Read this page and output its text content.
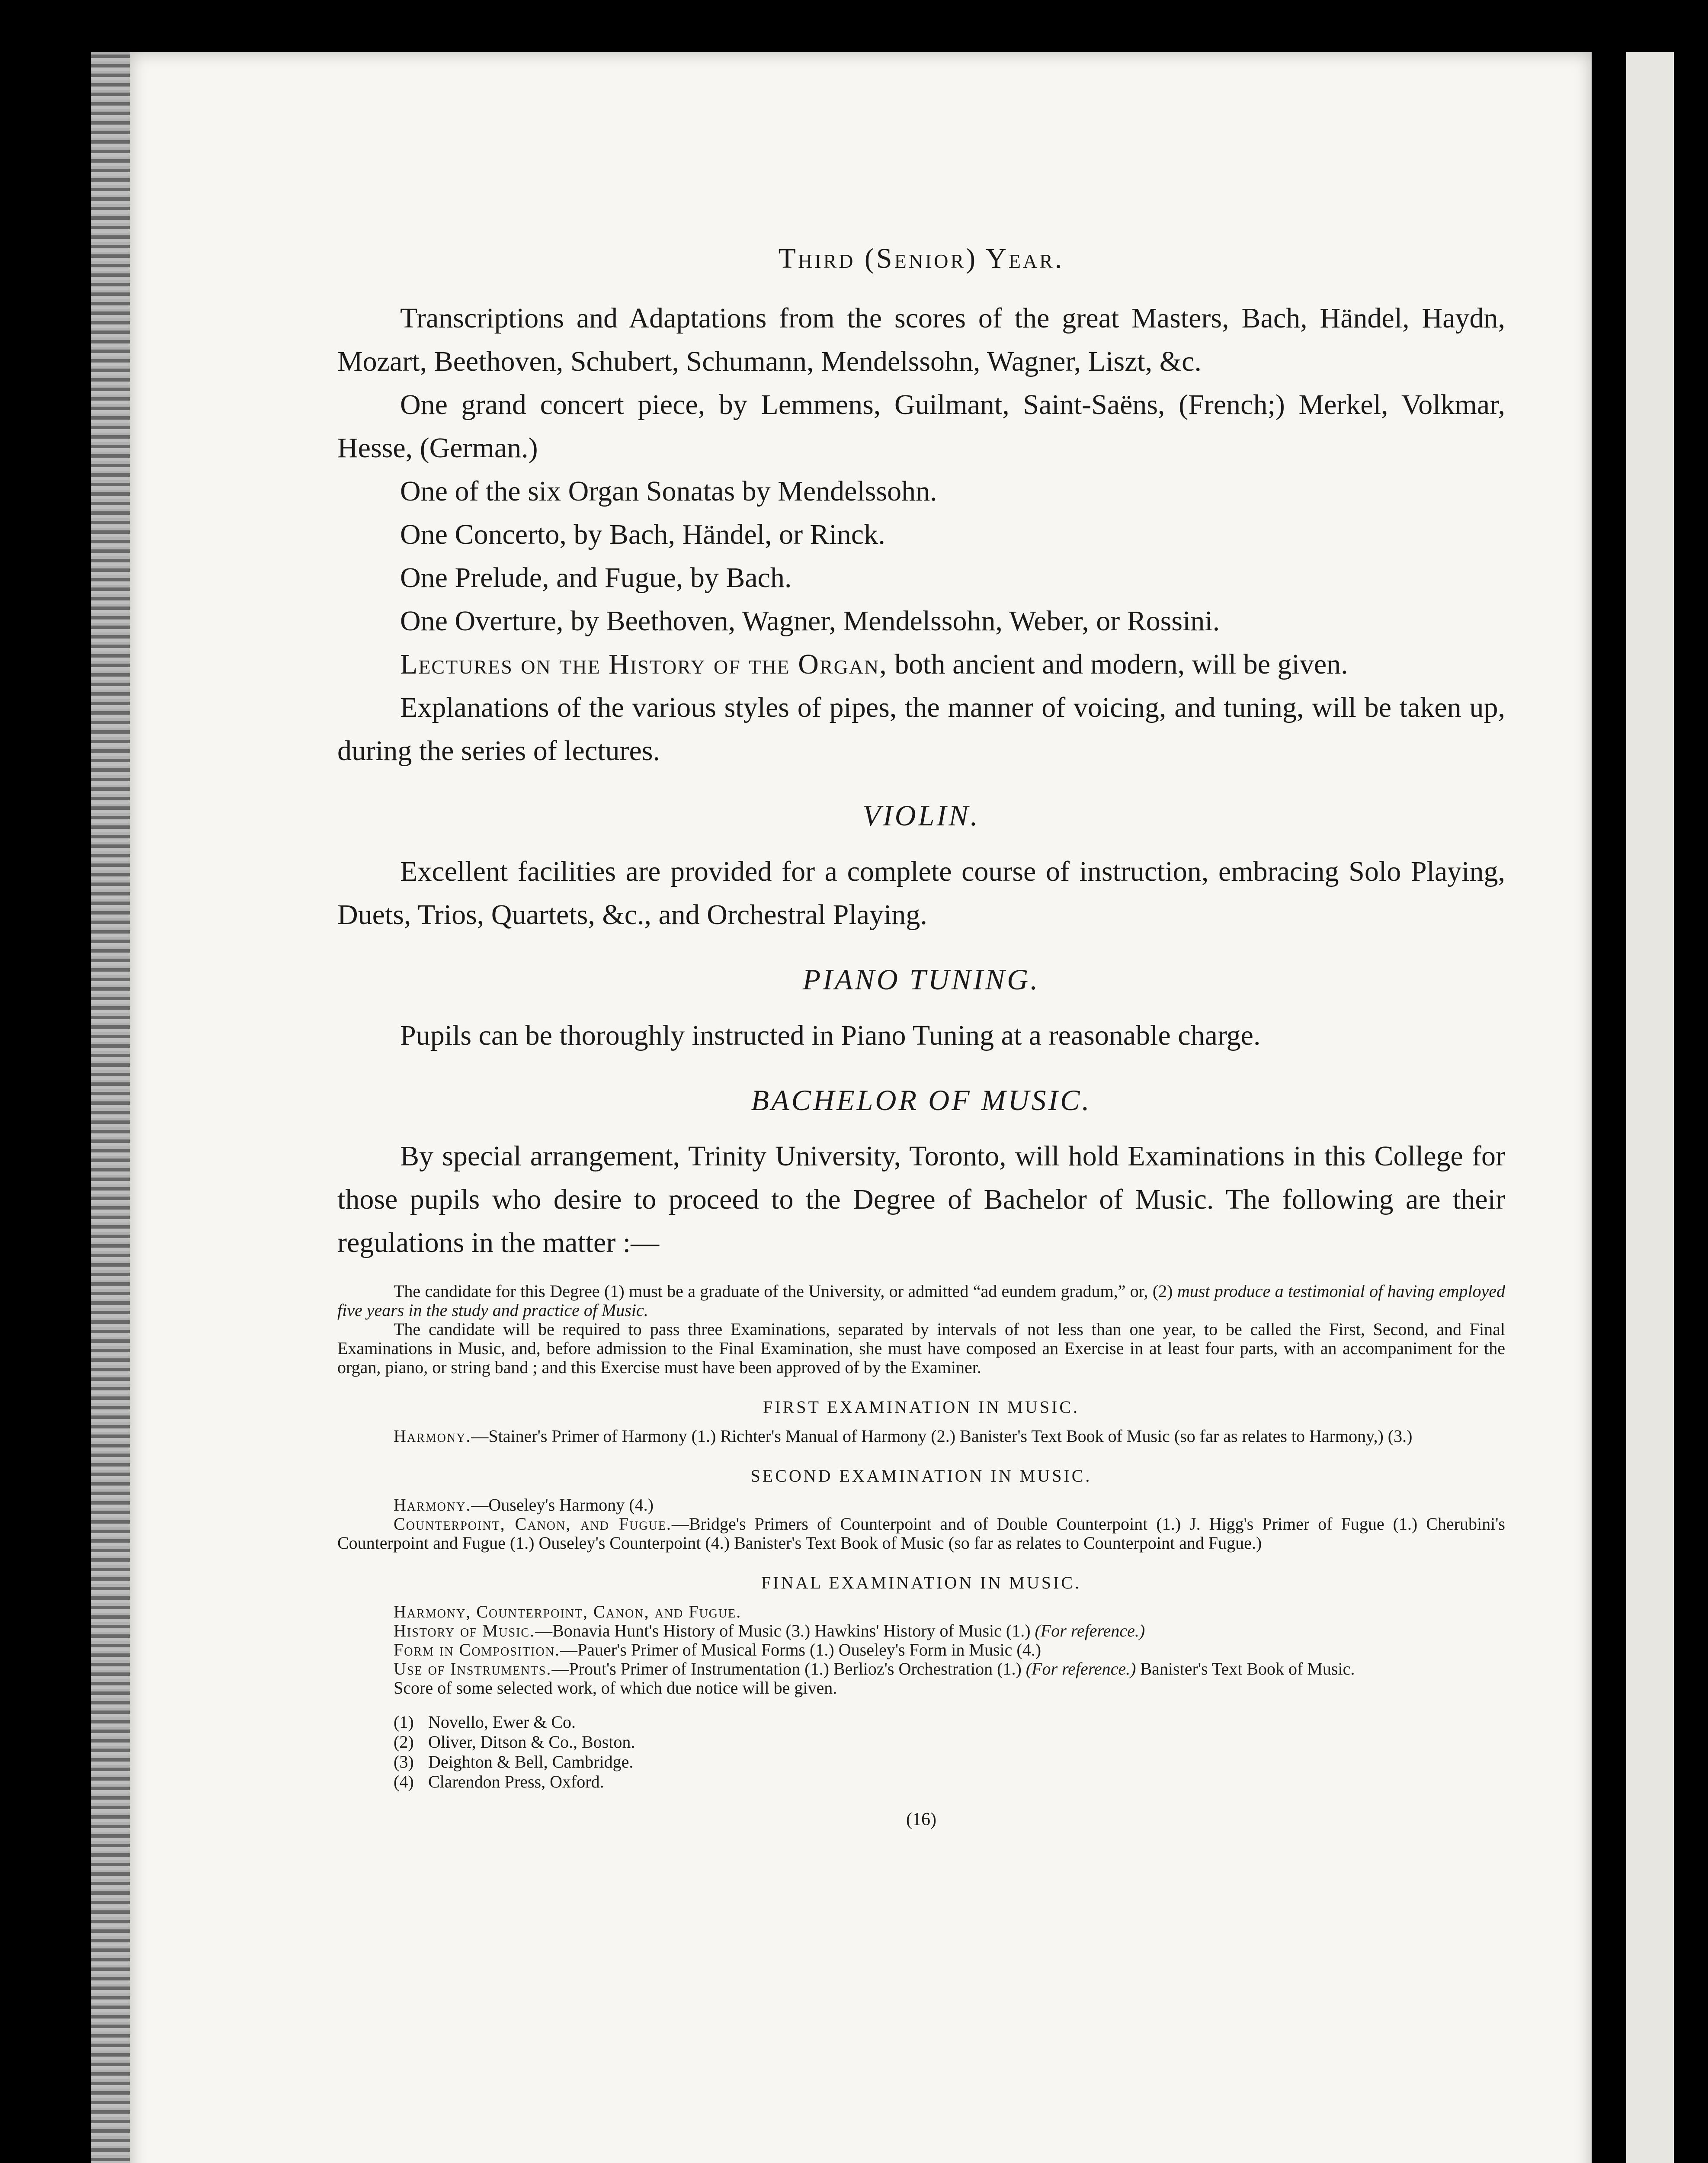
Third (Senior) Year.

Transcriptions and Adaptations from the scores of the great Masters, Bach, Händel, Haydn, Mozart, Beethoven, Schubert, Schumann, Mendelssohn, Wagner, Liszt, &c.

One grand concert piece, by Lemmens, Guilmant, Saint-Saëns, (French;) Merkel, Volkmar, Hesse, (German.)

One of the six Organ Sonatas by Mendelssohn.

One Concerto, by Bach, Händel, or Rinck.

One Prelude, and Fugue, by Bach.

One Overture, by Beethoven, Wagner, Mendelssohn, Weber, or Rossini.

Lectures on the History of the Organ, both ancient and modern, will be given.

Explanations of the various styles of pipes, the manner of voicing, and tuning, will be taken up, during the series of lectures.

VIOLIN.

Excellent facilities are provided for a complete course of instruction, embracing Solo Playing, Duets, Trios, Quartets, &c., and Orchestral Playing.

PIANO TUNING.

Pupils can be thoroughly instructed in Piano Tuning at a reasonable charge.

BACHELOR OF MUSIC.

By special arrangement, Trinity University, Toronto, will hold Examinations in this College for those pupils who desire to proceed to the Degree of Bachelor of Music. The following are their regulations in the matter :—

The candidate for this Degree (1) must be a graduate of the University, or admitted “ad eundem gradum,” or, (2) must produce a testimonial of having employed five years in the study and practice of Music.

The candidate will be required to pass three Examinations, separated by intervals of not less than one year, to be called the First, Second, and Final Examinations in Music, and, before admission to the Final Examination, she must have composed an Exercise in at least four parts, with an accompaniment for the organ, piano, or string band ; and this Exercise must have been approved of by the Examiner.

FIRST EXAMINATION IN MUSIC.

Harmony.—Stainer's Primer of Harmony (1.) Richter's Manual of Harmony (2.) Banister's Text Book of Music (so far as relates to Harmony,) (3.)

SECOND EXAMINATION IN MUSIC.

Harmony.—Ouseley's Harmony (4.)

Counterpoint, Canon, and Fugue.—Bridge's Primers of Counterpoint and of Double Counterpoint (1.) J. Higg's Primer of Fugue (1.) Cherubini's Counterpoint and Fugue (1.) Ouseley's Counterpoint (4.) Banister's Text Book of Music (so far as relates to Counterpoint and Fugue.)

FINAL EXAMINATION IN MUSIC.

Harmony, Counterpoint, Canon, and Fugue.

History of Music.—Bonavia Hunt's History of Music (3.) Hawkins' History of Music (1.) (For reference.)

Form in Composition.—Pauer's Primer of Musical Forms (1.) Ouseley's Form in Music (4.)

Use of Instruments.—Prout's Primer of Instrumentation (1.) Berlioz's Orchestration (1.) (For reference.) Banister's Text Book of Music.

Score of some selected work, of which due notice will be given.

(1) Novello, Ewer & Co.

(2) Oliver, Ditson & Co., Boston.

(3) Deighton & Bell, Cambridge.

(4) Clarendon Press, Oxford.

(16)
